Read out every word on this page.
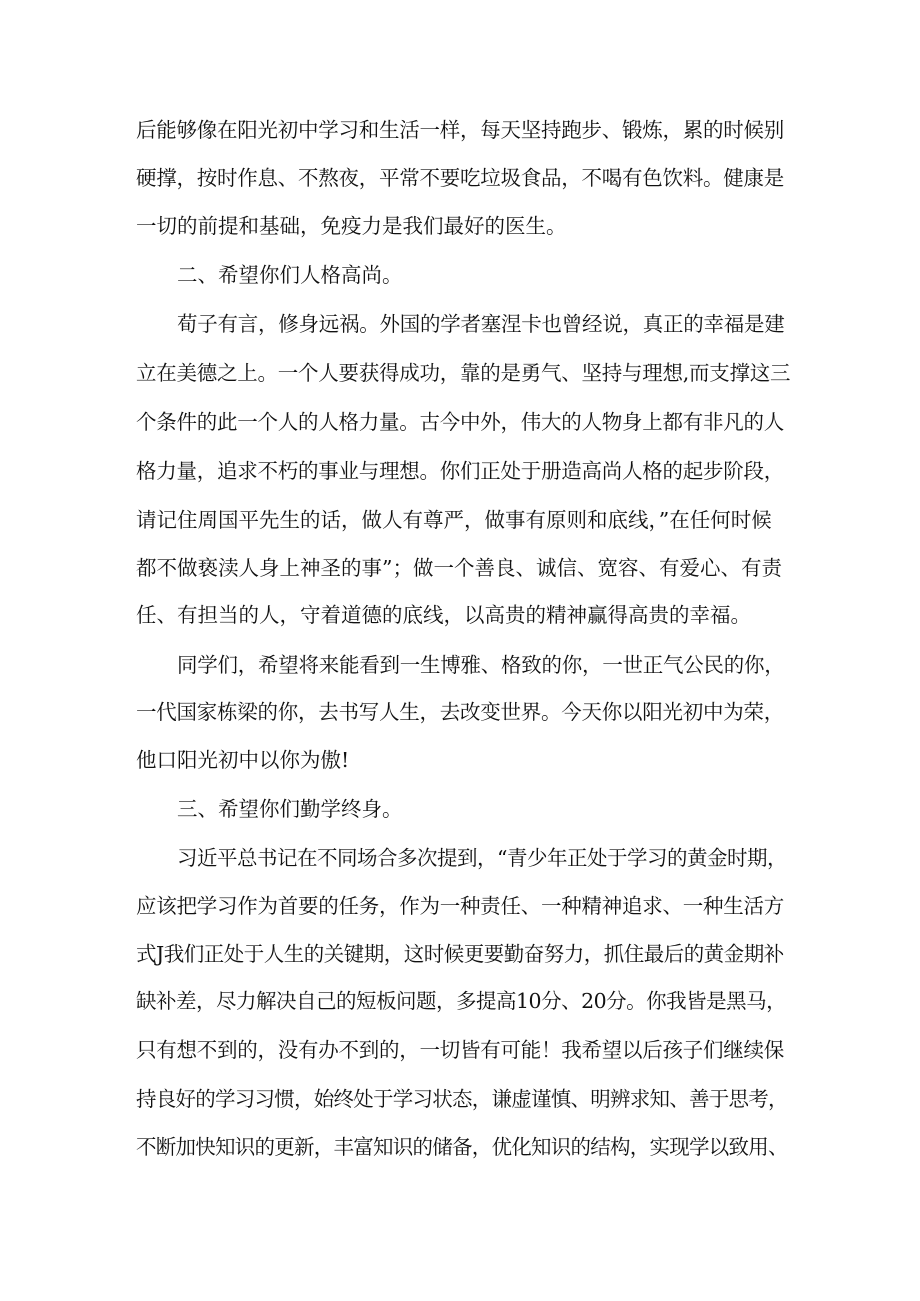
后能够像在阳光初中学习和生活一样，每天坚持跑步、锻炼，累的时候别
硬撑，按时作息、不熬夜，平常不要吃垃圾食品，不喝有色饮料。健康是
一切的前提和基础，免疫力是我们最好的医生。
二、希望你们人格高尚。
荀子有言，修身远祸。外国的学者塞涅卡也曾经说，真正的幸福是建
立在美德之上。一个人要获得成功，靠的是勇气、坚持与理想,而支撑这三
个条件的此一个人的人格力量。古今中外，伟大的人物身上都有非凡的人
格力量，追求不朽的事业与理想。你们正处于册造高尚人格的起步阶段，
请记住周国平先生的话，做人有尊严，做事有原则和底线，”在任何时候
都不做亵渎人身上神圣的事”；做一个善良、诚信、宽容、有爱心、有责
任、有担当的人，守着道德的底线，以高贵的精神赢得高贵的幸福。
同学们，希望将来能看到一生博雅、格致的你，一世正气公民的你，
一代国家栋梁的你，去书写人生，去改变世界。今天你以阳光初中为荣，
他口阳光初中以你为傲!
三、希望你们勤学终身。
习近平总书记在不同场合多次提到，“青少年正处于学习的黄金时期，
应该把学习作为首要的任务，作为一种责任、一种精神追求、一种生活方
式J我们正处于人生的关键期，这时候更要勤奋努力，抓住最后的黄金期补
缺补差，尽力解决自己的短板问题，多提高10分、20分。你我皆是黑马，
只有想不到的，没有办不到的，一切皆有可能！我希望以后孩子们继续保
持良好的学习习惯，始终处于学习状态，谦虚谨慎、明辨求知、善于思考，
不断加快知识的更新，丰富知识的储备，优化知识的结构，实现学以致用、
